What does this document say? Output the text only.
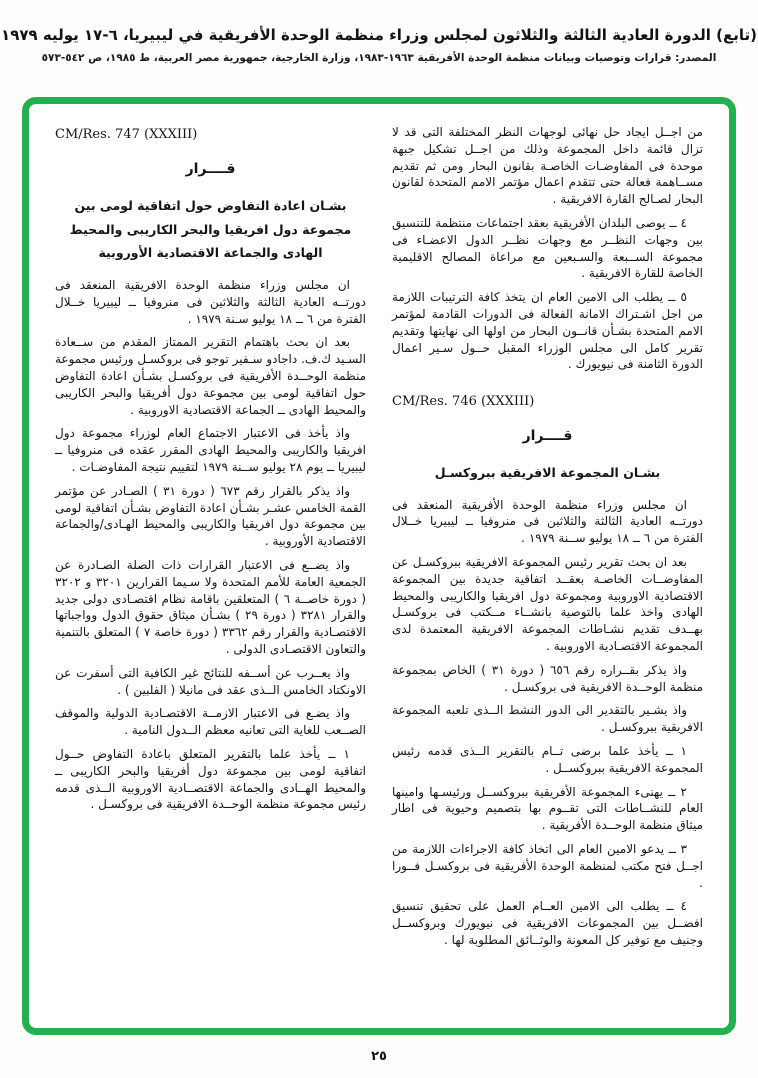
(تابع) الدورة العادية الثالثة والثلاثون لمجلس وزراء منظمة الوحدة الأفريقية في ليبيريا، ٦-١٧ يوليه ١٩٧٩
المصدر: قرارات وتوصيات وبيانات منظمة الوحدة الأفريقية ١٩٦٣-١٩٨٣، وزارة الخارجية، جمهورية مصر العربية، ط ١٩٨٥، ص ٥٤٢-٥٧٣
CM/Res. 747 (XXXIII)
قــــرار
بشـان اعادة التفاوض حول اتفاقية لومى بين
مجموعة دول افريقيا والبحر الكاريبى والمحيط
الهادى والجماعة الاقتصادية الأوروبية

ان مجلس وزراء منظمة الوحدة الافريقية المنعقد فى دورتــه العادية الثالثة والثلاثين فى منروفيا ــ ليبيريا خــلال الفترة من ٦ ــ ١٨ يوليو سـنة ١٩٧٩ .

بعد ان بحث باهتمام التقرير الممتاز المقدم من ســعادة السـيد ك.ف. داجادو سـفير توجو فى بروكسـل ورئيس مجموعة منظمة الوحــدة الأفريقية فى بروكسـل بشـأن اعادة التفاوض حول اتفاقية لومى بين مجموعة دول أفريقيا والبحر الكاريبى والمحيط الهادى ــ الجماعة الاقتصادية الاوروبية .

واذ يأخذ فى الاعتبار الاجتماع العام لوزراء مجموعة دول افريقيا والكاريبى والمحيط الهادى المقرر عقده فى منروفيا ــ ليبيريا ــ يوم ٢٨ يوليو ســنة ١٩٧٩ لتقييم نتيجة المفاوضـات .

واذ يذكر بالقرار رقم ٦٧٣ ( دورة ٣١ ) الصـادر عن مؤتمر القمة الخامس عشـر بشـأن اعادة التفاوض بشـأن اتفاقية لومى بين مجموعة دول افريقيا والكاريبى والمحيط الهـادى/والجماعة الاقتصادية الأوروبية .

واذ يضــع فى الاعتبار القرارات ذات الصلة الصـادرة عن الجمعية العامة للأمم المتحدة ولا سـيما القرارين ٣٢٠١ و ٣٢٠٢ ( دورة خاصــة ٦ ) المتعلقين باقامة نظام اقتصـادى دولى جديد والقرار ٣٢٨١ ( دورة ٢٩ ) بشـأن ميثاق حقوق الدول وواجباتها الاقتصـادية والقرار رقم ٣٣٦٢ ( دورة خاصة ٧ ) المتعلق بالتنمية والتعاون الاقتصـادى الدولى .

واذ يعــرب عن أســفه للنتائج غير الكافية التى أسفرت عن الاونكتاد الخامس الــذى عقد فى مانيلا ( الفلبين ) .

واذ يضـع فى الاعتبار الازمــة الاقتصـادية الدولية والموقف الصــعب للغاية التى تعانيه معظم الــدول النامية .

١ ــ يأخذ علما بالتقرير المتعلق باعادة التفاوض حــول اتفاقية لومى بين مجموعة دول أفريقيا والبحر الكاريبى ــ والمحيط الهــادى والجماعة الاقتصــادية الاوروبية الــذى قدمه رئيس مجموعة منظمة الوحــدة الافريقية فى بروكسـل .

من اجــل ايجاد حل نهائى لوجهات النظر المختلفة التى قد لا تزال قائمة داخل المجموعة وذلك من اجــل تشكيل جبهة موحدة فى المفاوضـات الخاصـة بقانون البحار ومن ثم تقديم مســاهمة فعالة حتى تتقدم اعمال مؤتمر الامم المتحدة لقانون البحار لصـالح القارة الافريقية .

٤ ــ يوصى البلدان الأفريقية بعقد اجتماعات منتظمة للتنسيق بين وجهات النظــر مع وجهات نظــر الدول الاعضـاء فى مجموعة الســبعة والسـبعين مع مراعاة المصالح الاقليمية الخاصة للقارة الافريقية .

٥ ــ يطلب الى الامين العام ان يتخذ كافة الترتيبات اللازمة من اجل اشـتراك الامانة الفعالة فى الدورات القادمة لمؤتمر الامم المتحدة بشـأن قانــون البحار من اولها الى نهايتها وتقديم تقرير كامل الى مجلس الوزراء المقبل حــول سـير اعمال الدورة الثامنة فى نيويورك .

CM/Res. 746 (XXXIII)
قــــرار
بشـان المجموعة الافريقية ببروكسـل

ان مجلس وزراء منظمة الوحدة الأفريقية المنعقد فى دورتــه العادية الثالثة والثلاثين فى منروفيا ــ ليبيريا خــلال الفترة من ٦ ــ ١٨ يوليو ســنة ١٩٧٩ .

بعد ان بحث تقرير رئيس المجموعة الافريقية ببروكسـل عن المفاوضــات الخاصـة بعقــد اتفاقية جديدة بين المجموعة الاقتصادية الاوروبية ومجموعة دول افريقيا والكاريبى والمحيط الهادى واخذ علما بالتوصية بانشــاء مــكتب فى بروكسـل بهــدف تقديم نشـاطات المجموعة الافريقية المعتمدة لدى المجموعة الاقتصـادية الاوروبية .

واذ يذكر بقــراره رقم ٦٥٦ ( دورة ٣١ ) الخاص بمجموعة منظمة الوحــدة الافريقية فى بروكسـل .

واذ يشـير بالتقدير الى الدور النشط الــذى تلعبه المجموعة الافريقية ببروكسـل .

١ ــ يأخذ علما برضى تــام بالتقرير الــذى قدمه رئيس المجموعة الافريقية ببروكســل .

٢ ــ يهنىء المجموعة الأفريقية ببروكســل ورئيسـها وامينها العام للنشــاطات التى تقــوم بها بتصميم وحيوية فى اطار ميثاق منظمة الوحــدة الأفريقية .

٣ ــ يدعو الامين العام الى اتخاذ كافة الاجراءات اللازمة من اجــل فتح مكتب لمنظمة الوحدة الأفريقية فى بروكسـل فــورا .

٤ ــ يطلب الى الامين العــام العمل على تحقيق تنسيق افضــل بين المجموعات الافريقية فى نيويورك وبروكســل وجنيف مع توفير كل المعونة والوثــائق المطلوبة لها .

٢٥
